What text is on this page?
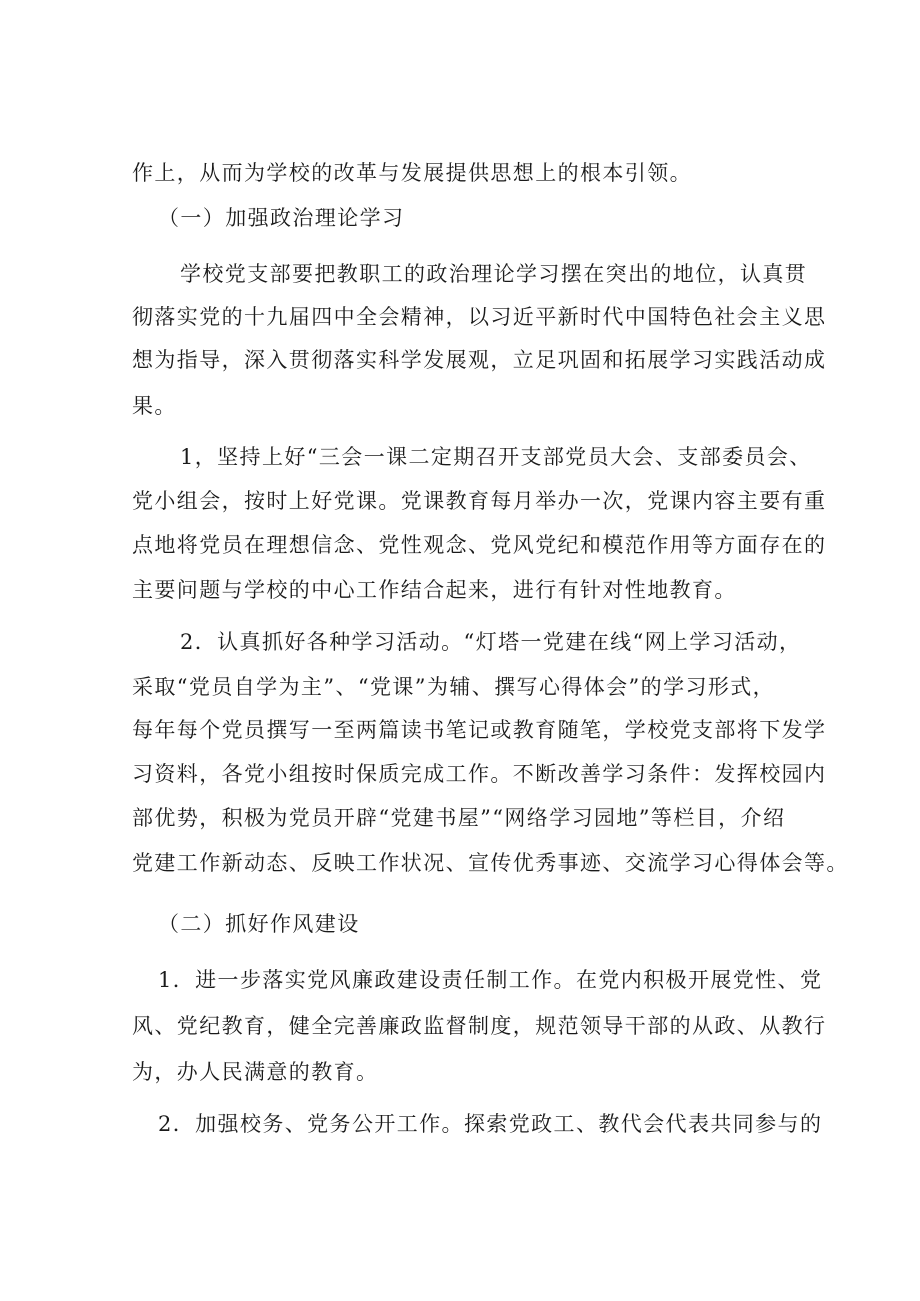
作上，从而为学校的改革与发展提供思想上的根本引领。
（一）加强政治理论学习
学校党支部要把教职工的政治理论学习摆在突出的地位，认真贯
彻落实党的十九届四中全会精神，以习近平新时代中国特色社会主义思
想为指导，深入贯彻落实科学发展观，立足巩固和拓展学习实践活动成
果。
1，坚持上好“三会一课二定期召开支部党员大会、支部委员会、
党小组会，按时上好党课。党课教育每月举办一次，党课内容主要有重
点地将党员在理想信念、党性观念、党风党纪和模范作用等方面存在的
主要问题与学校的中心工作结合起来，进行有针对性地教育。
2．认真抓好各种学习活动。“灯塔一党建在线“网上学习活动，
采取“党员自学为主”、“党课”为辅、撰写心得体会”的学习形式，
每年每个党员撰写一至两篇读书笔记或教育随笔，学校党支部将下发学
习资料，各党小组按时保质完成工作。不断改善学习条件：发挥校园内
部优势，积极为党员开辟“党建书屋”“网络学习园地”等栏目，介绍
党建工作新动态、反映工作状况、宣传优秀事迹、交流学习心得体会等。
（二）抓好作风建设
1．进一步落实党风廉政建设责任制工作。在党内积极开展党性、党
风、党纪教育，健全完善廉政监督制度，规范领导干部的从政、从教行
为，办人民满意的教育。
2．加强校务、党务公开工作。探索党政工、教代会代表共同参与的
